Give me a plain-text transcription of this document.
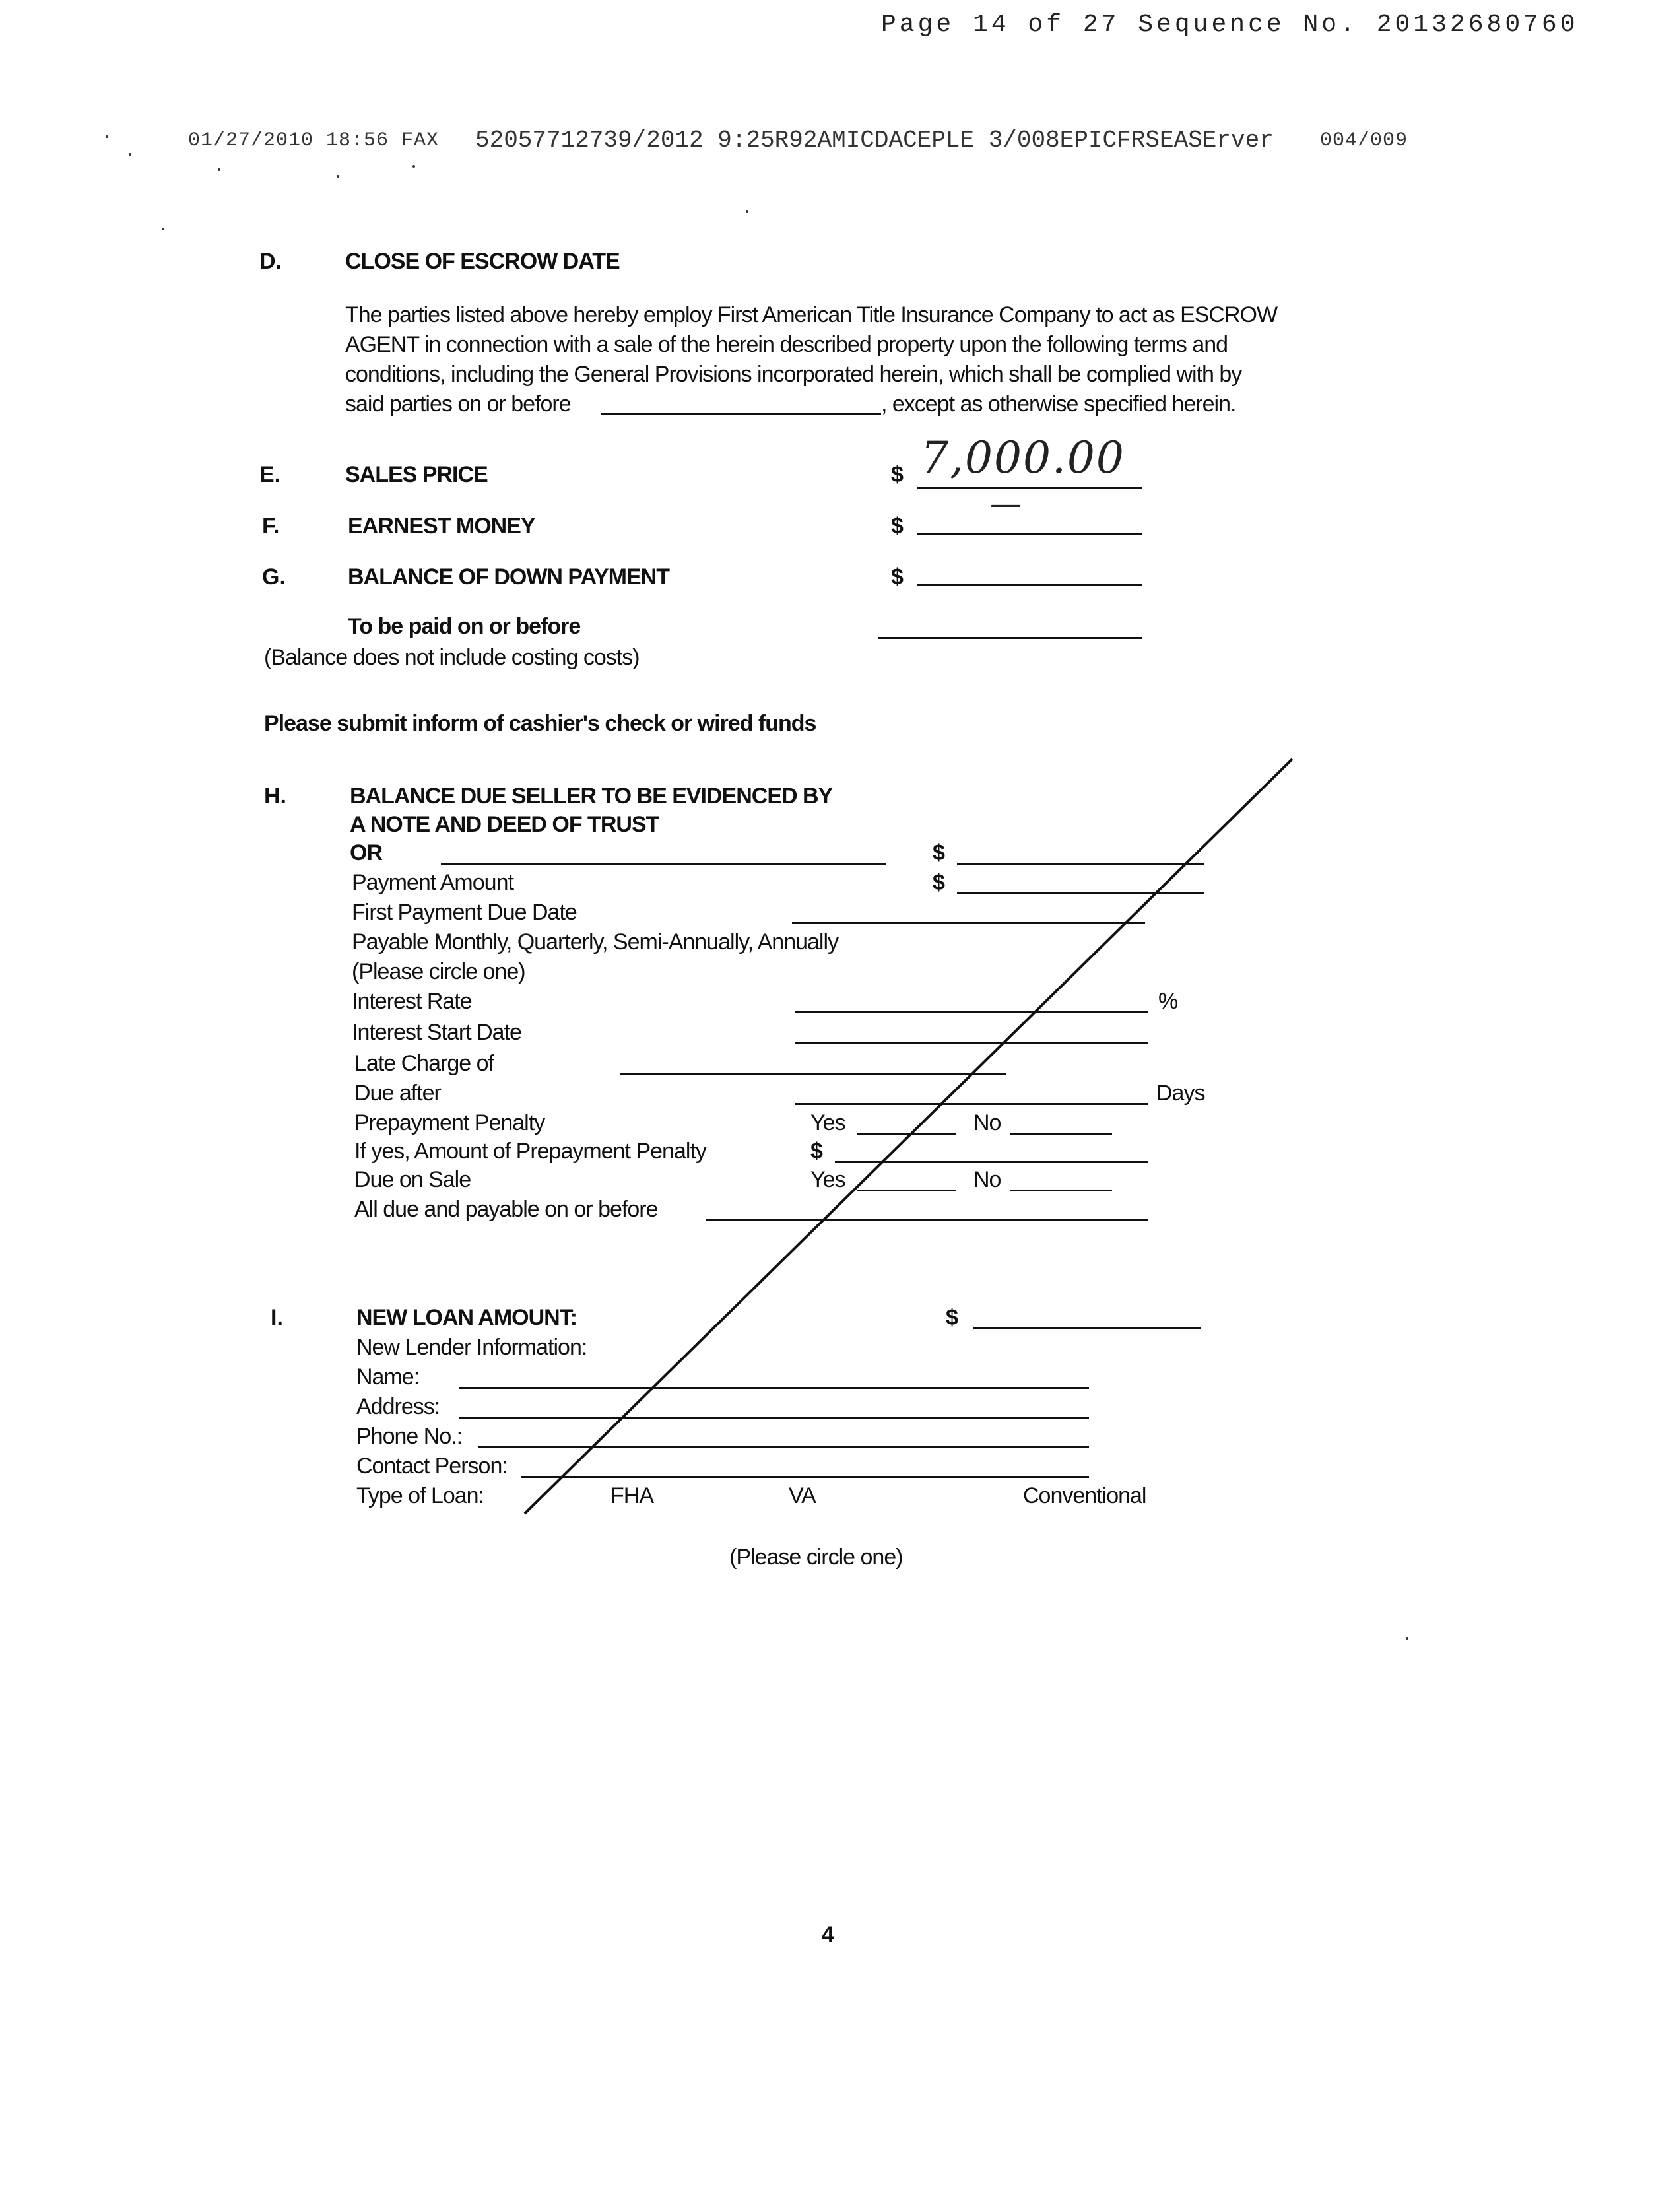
Page 14 of 27 Sequence No. 20132680760
01/27/2010 18:56 FAX 52057712739/2012 9:25R92AMICDACEPLE 3/008EPICFRSEASErver 004/009
D.	CLOSE OF ESCROW DATE
The parties listed above hereby employ First American Title Insurance Company to act as ESCROW
AGENT in connection with a sale of the herein described property upon the following terms and
conditions, including the General Provisions incorporated herein, which shall be complied with by
said parties on or before	, except as otherwise specified herein.
E.	SALES PRICE	$ 7,000.00
F.	EARNEST MONEY	$
—
G.	BALANCE OF DOWN PAYMENT	$
To be paid on or before
(Balance does not include costing costs)
Please submit inform of cashier's check or wired funds
H.	BALANCE DUE SELLER TO BE EVIDENCED BY
A NOTE AND DEED OF TRUST
OR	$
Payment Amount	$
First Payment Due Date
Payable Monthly, Quarterly, Semi-Annually, Annually
(Please circle one)
Interest Rate	%
Interest Start Date
Late Charge of
Due after	Days
Prepayment Penalty	Yes	No
If yes, Amount of Prepayment Penalty	$
Due on Sale	Yes	No
All due and payable on or before
I.	NEW LOAN AMOUNT:	$
New Lender Information:
Name:
Address:
Phone No.:
Contact Person:
Type of Loan:	FHA	VA	Conventional
(Please circle one)
4
